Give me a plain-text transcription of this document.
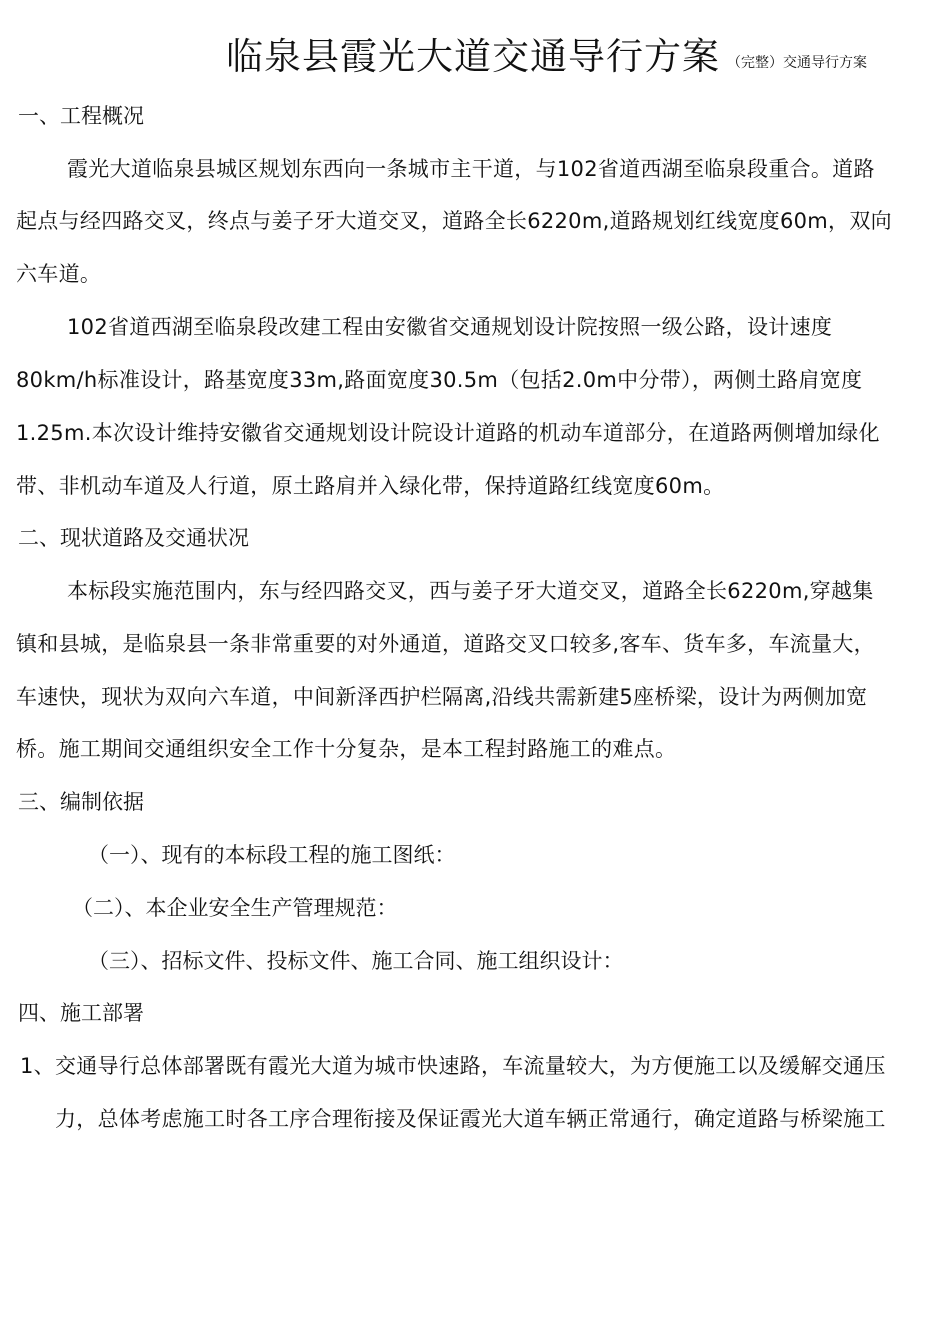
临泉县霞光大道交通导行方案 （完整）交通导行方案
一、工程概况
霞光大道临泉县城区规划东西向一条城市主干道，与102省道西湖至临泉段重合。道路
起点与经四路交叉，终点与姜子牙大道交叉，道路全长6220m,道路规划红线宽度60m，双向
六车道。
102省道西湖至临泉段改建工程由安徽省交通规划设计院按照一级公路，设计速度
80km/h标准设计，路基宽度33m,路面宽度30.5m（包括2.0m中分带），两侧土路肩宽度
1.25m.本次设计维持安徽省交通规划设计院设计道路的机动车道部分，在道路两侧增加绿化
带、非机动车道及人行道，原土路肩并入绿化带，保持道路红线宽度60m。
二、现状道路及交通状况
本标段实施范围内，东与经四路交叉，西与姜子牙大道交叉，道路全长6220m,穿越集
镇和县城，是临泉县一条非常重要的对外通道，道路交叉口较多,客车、货车多，车流量大，
车速快，现状为双向六车道，中间新泽西护栏隔离,沿线共需新建5座桥梁，设计为两侧加宽
桥。施工期间交通组织安全工作十分复杂，是本工程封路施工的难点。
三、编制依据
（一）、现有的本标段工程的施工图纸：
（二）、本企业安全生产管理规范：
（三）、招标文件、投标文件、施工合同、施工组织设计：
四、施工部署
1、交通导行总体部署既有霞光大道为城市快速路，车流量较大，为方便施工以及缓解交通压
力，总体考虑施工时各工序合理衔接及保证霞光大道车辆正常通行，确定道路与桥梁施工
